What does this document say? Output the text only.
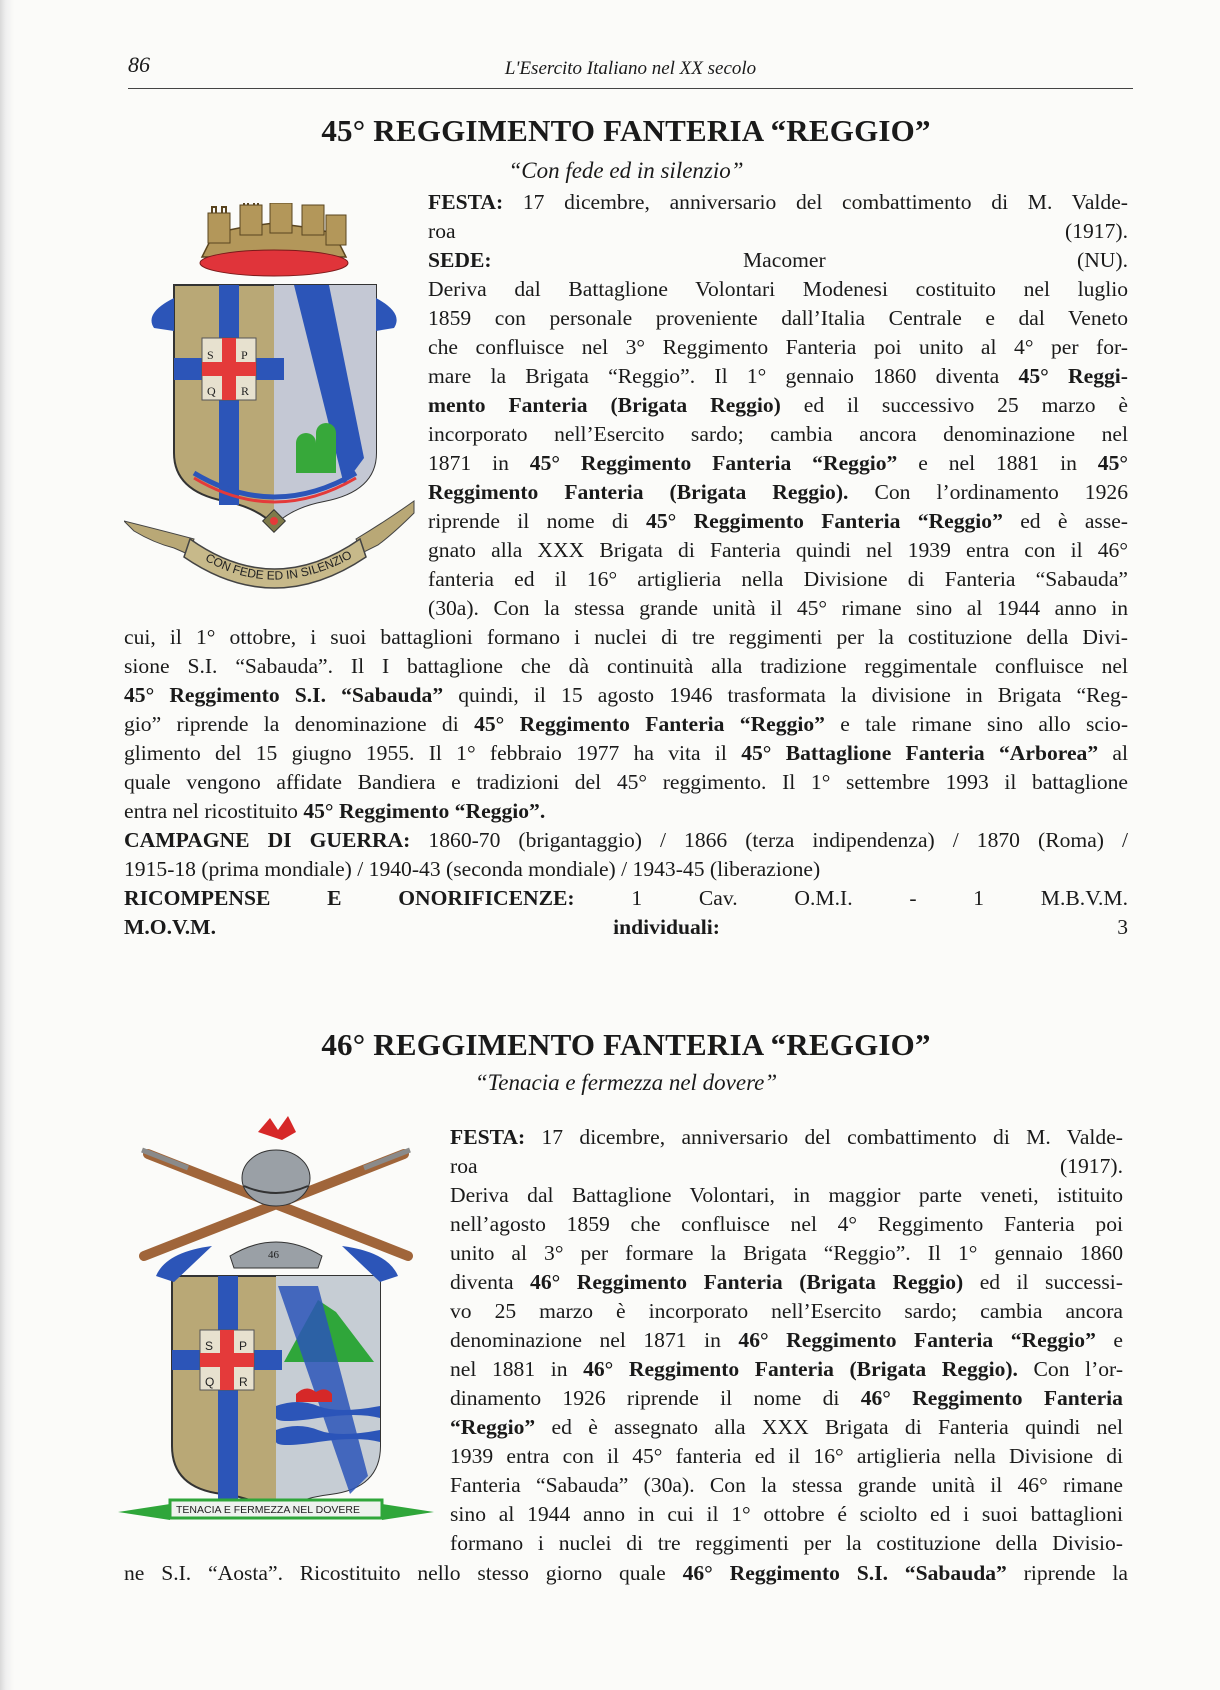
86	L'Esercito Italiano nel XX secolo
45° REGGIMENTO FANTERIA “REGGIO”
“Con fede ed in silenzio”
S P
Q R
CON FEDE ED IN SILENZIO
FESTA: 17 dicembre, anniversario del combattimento di M. Valde-
roa (1917).
SEDE: Macomer (NU).
Deriva dal Battaglione Volontari Modenesi costituito nel luglio
1859 con personale proveniente dall’Italia Centrale e dal Veneto
che confluisce nel 3° Reggimento Fanteria poi unito al 4° per for-
mare la Brigata “Reggio”. Il 1° gennaio 1860 diventa 45° Reggi-
mento Fanteria (Brigata Reggio) ed il successivo 25 marzo è
incorporato nell’Esercito sardo; cambia ancora denominazione nel
1871 in 45° Reggimento Fanteria “Reggio” e nel 1881 in 45°
Reggimento Fanteria (Brigata Reggio). Con l’ordinamento 1926
riprende il nome di 45° Reggimento Fanteria “Reggio” ed è asse-
gnato alla XXX Brigata di Fanteria quindi nel 1939 entra con il 46°
fanteria ed il 16° artiglieria nella Divisione di Fanteria “Sabauda”
(30a). Con la stessa grande unità il 45° rimane sino al 1944 anno in
cui, il 1° ottobre, i suoi battaglioni formano i nuclei di tre reggimenti per la costituzione della Divi-
sione S.I. “Sabauda”. Il I battaglione che dà continuità alla tradizione reggimentale confluisce nel
45° Reggimento S.I. “Sabauda” quindi, il 15 agosto 1946 trasformata la divisione in Brigata “Reg-
gio” riprende la denominazione di 45° Reggimento Fanteria “Reggio” e tale rimane sino allo scio-
glimento del 15 giugno 1955. Il 1° febbraio 1977 ha vita il 45° Battaglione Fanteria “Arborea” al
quale vengono affidate Bandiera e tradizioni del 45° reggimento. Il 1° settembre 1993 il battaglione
entra nel ricostituito 45° Reggimento “Reggio”.
CAMPAGNE DI GUERRA: 1860-70 (brigantaggio) / 1866 (terza indipendenza) / 1870 (Roma) /
1915-18 (prima mondiale) / 1940-43 (seconda mondiale) / 1943-45 (liberazione)
RICOMPENSE E ONORIFICENZE: 1 Cav. O.M.I. - 1 M.B.V.M.
M.O.V.M. individuali: 3
46° REGGIMENTO FANTERIA “REGGIO”
“Tenacia e fermezza nel dovere”
46
S P
Q R
TENACIA E FERMEZZA NEL DOVERE
FESTA: 17 dicembre, anniversario del combattimento di M. Valde-
roa (1917).
Deriva dal Battaglione Volontari, in maggior parte veneti, istituito
nell’agosto 1859 che confluisce nel 4° Reggimento Fanteria poi
unito al 3° per formare la Brigata “Reggio”. Il 1° gennaio 1860
diventa 46° Reggimento Fanteria (Brigata Reggio) ed il successi-
vo 25 marzo è incorporato nell’Esercito sardo; cambia ancora
denominazione nel 1871 in 46° Reggimento Fanteria “Reggio” e
nel 1881 in 46° Reggimento Fanteria (Brigata Reggio). Con l’or-
dinamento 1926 riprende il nome di 46° Reggimento Fanteria
“Reggio” ed è assegnato alla XXX Brigata di Fanteria quindi nel
1939 entra con il 45° fanteria ed il 16° artiglieria nella Divisione di
Fanteria “Sabauda” (30a). Con la stessa grande unità il 46° rimane
sino al 1944 anno in cui il 1° ottobre é sciolto ed i suoi battaglioni
formano i nuclei di tre reggimenti per la costituzione della Divisio-
ne S.I. “Aosta”. Ricostituito nello stesso giorno quale 46° Reggimento S.I. “Sabauda” riprende la
